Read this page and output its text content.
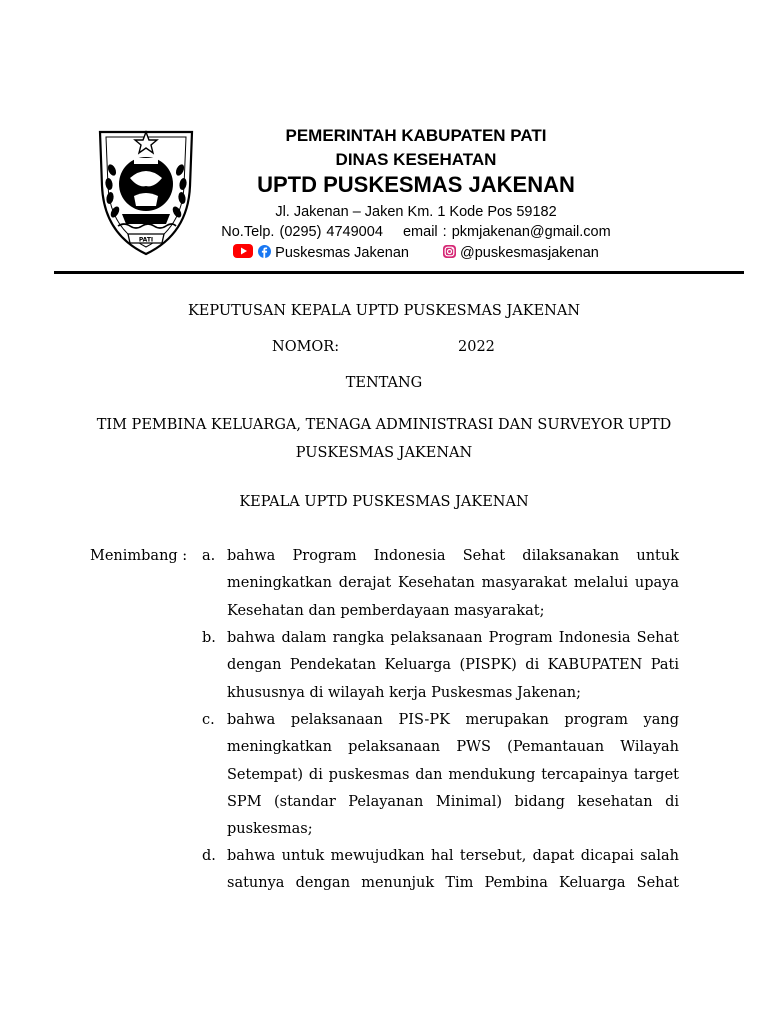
PATI
PEMERINTAH KABUPATEN PATI
DINAS KESEHATAN
UPTD PUSKESMAS JAKENAN
Jl. Jakenan – Jaken Km. 1 Kode Pos 59182
No.Telp. (0295) 4749004    email : pkmjakenan@gmail.com
Puskesmas Jakenan	@puskesmasjakenan
KEPUTUSAN KEPALA UPTD PUSKESMAS JAKENAN
NOMOR:	2022

TENTANG
TIM PEMBINA KELUARGA, TENAGA ADMINISTRASI DAN SURVEYOR UPTD
PUSKESMAS JAKENAN
KEPALA UPTD PUSKESMAS JAKENAN
Menimbang : a. bahwa Program Indonesia Sehat dilaksanakan untuk meningkatkan derajat Kesehatan masyarakat melalui upaya Kesehatan dan pemberdayaan masyarakat;
b. bahwa dalam rangka pelaksanaan Program Indonesia Sehat dengan Pendekatan Keluarga (PISPK) di KABUPATEN Pati khususnya di wilayah kerja Puskesmas Jakenan;
c. bahwa pelaksanaan PIS-PK merupakan program yang meningkatkan pelaksanaan PWS (Pemantauan Wilayah Setempat) di puskesmas dan mendukung tercapainya target SPM (standar Pelayanan Minimal) bidang kesehatan di puskesmas;
d. bahwa untuk mewujudkan hal tersebut, dapat dicapai salah satunya dengan menunjuk Tim Pembina Keluarga Sehat
